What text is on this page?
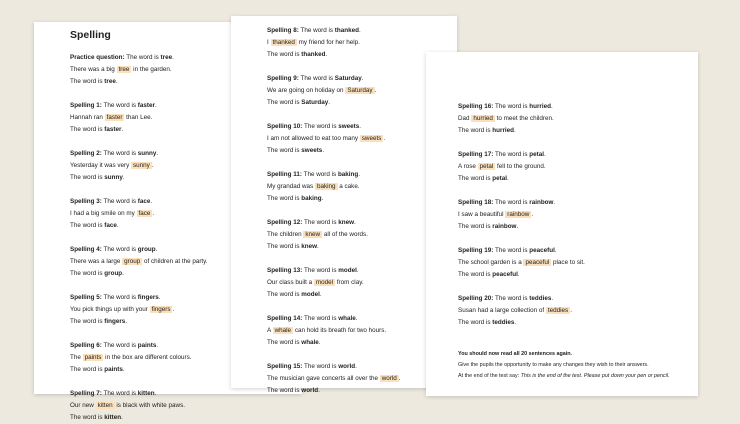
Spelling
Practice question: The word is tree.
There was a big tree in the garden.
The word is tree.
Spelling 1: The word is faster.
Hannah ran faster than Lee.
The word is faster.
Spelling 2: The word is sunny.
Yesterday it was very sunny .
The word is sunny.
Spelling 3: The word is face.
I had a big smile on my face .
The word is face.
Spelling 4: The word is group.
There was a large group of children at the party.
The word is group.
Spelling 5: The word is fingers.
You pick things up with your fingers .
The word is fingers.
Spelling 6: The word is paints.
The paints in the box are different colours.
The word is paints.
Spelling 7: The word is kitten.
Our new kitten is black with white paws.
The word is kitten.
Spelling 8: The word is thanked.
I thanked my friend for her help.
The word is thanked.
Spelling 9: The word is Saturday.
We are going on holiday on Saturday .
The word is Saturday.
Spelling 10: The word is sweets.
I am not allowed to eat too many sweets .
The word is sweets.
Spelling 11: The word is baking.
My grandad was baking a cake.
The word is baking.
Spelling 12: The word is knew.
The children knew all of the words.
The word is knew.
Spelling 13: The word is model.
Our class built a model from clay.
The word is model.
Spelling 14: The word is whale.
A whale can hold its breath for two hours.
The word is whale.
Spelling 15: The word is world.
The musician gave concerts all over the world .
The word is world.
Spelling 16: The word is hurried.
Dad hurried to meet the children.
The word is hurried.
Spelling 17: The word is petal.
A rose petal fell to the ground.
The word is petal.
Spelling 18: The word is rainbow.
I saw a beautiful rainbow .
The word is rainbow.
Spelling 19: The word is peaceful.
The school garden is a peaceful place to sit.
The word is peaceful.
Spelling 20: The word is teddies.
Susan had a large collection of teddies .
The word is teddies.
You should now read all 20 sentences again.
Give the pupils the opportunity to make any changes they wish to their answers.
At the end of the test say: This is the end of the test. Please put down your pen or pencil.
